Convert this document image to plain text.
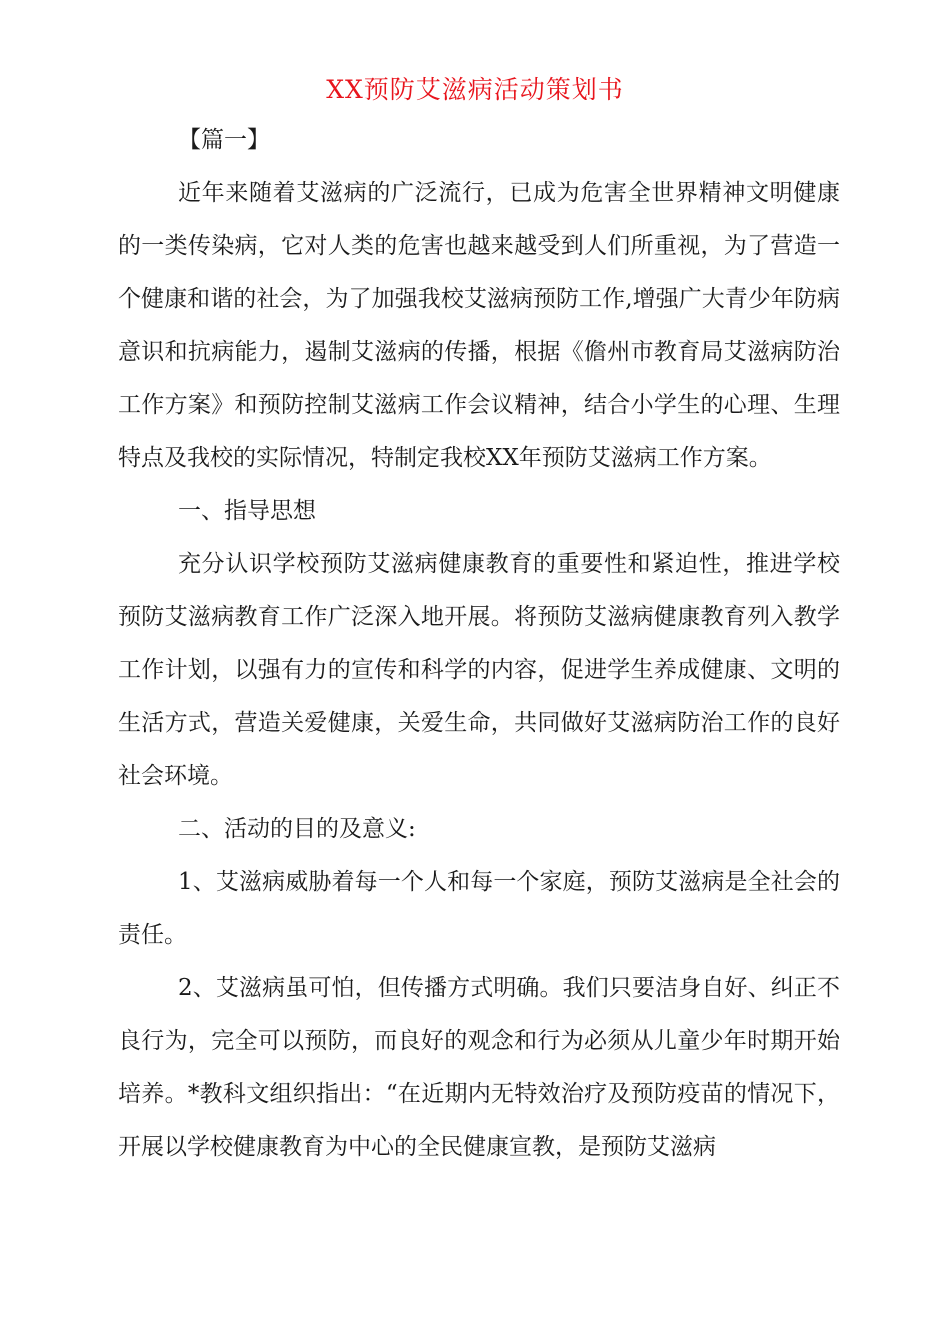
XX预防艾滋病活动策划书

【篇一】

近年来随着艾滋病的广泛流行，已成为危害全世界精神文明健康的一类传染病，它对人类的危害也越来越受到人们所重视，为了营造一个健康和谐的社会，为了加强我校艾滋病预防工作,增强广大青少年防病意识和抗病能力，遏制艾滋病的传播，根据《儋州市教育局艾滋病防治工作方案》和预防控制艾滋病工作会议精神，结合小学生的心理、生理特点及我校的实际情况，特制定我校XX年预防艾滋病工作方案。

一、指导思想

充分认识学校预防艾滋病健康教育的重要性和紧迫性，推进学校预防艾滋病教育工作广泛深入地开展。将预防艾滋病健康教育列入教学工作计划，以强有力的宣传和科学的内容，促进学生养成健康、文明的生活方式，营造关爱健康，关爱生命，共同做好艾滋病防治工作的良好社会环境。

二、活动的目的及意义:

1、艾滋病威胁着每一个人和每一个家庭，预防艾滋病是全社会的责任。

2、艾滋病虽可怕，但传播方式明确。我们只要洁身自好、纠正不良行为，完全可以预防，而良好的观念和行为必须从儿童少年时期开始培养。*教科文组织指出：“在近期内无特效治疗及预防疫苗的情况下，开展以学校健康教育为中心的全民健康宣教，是预防艾滋病
